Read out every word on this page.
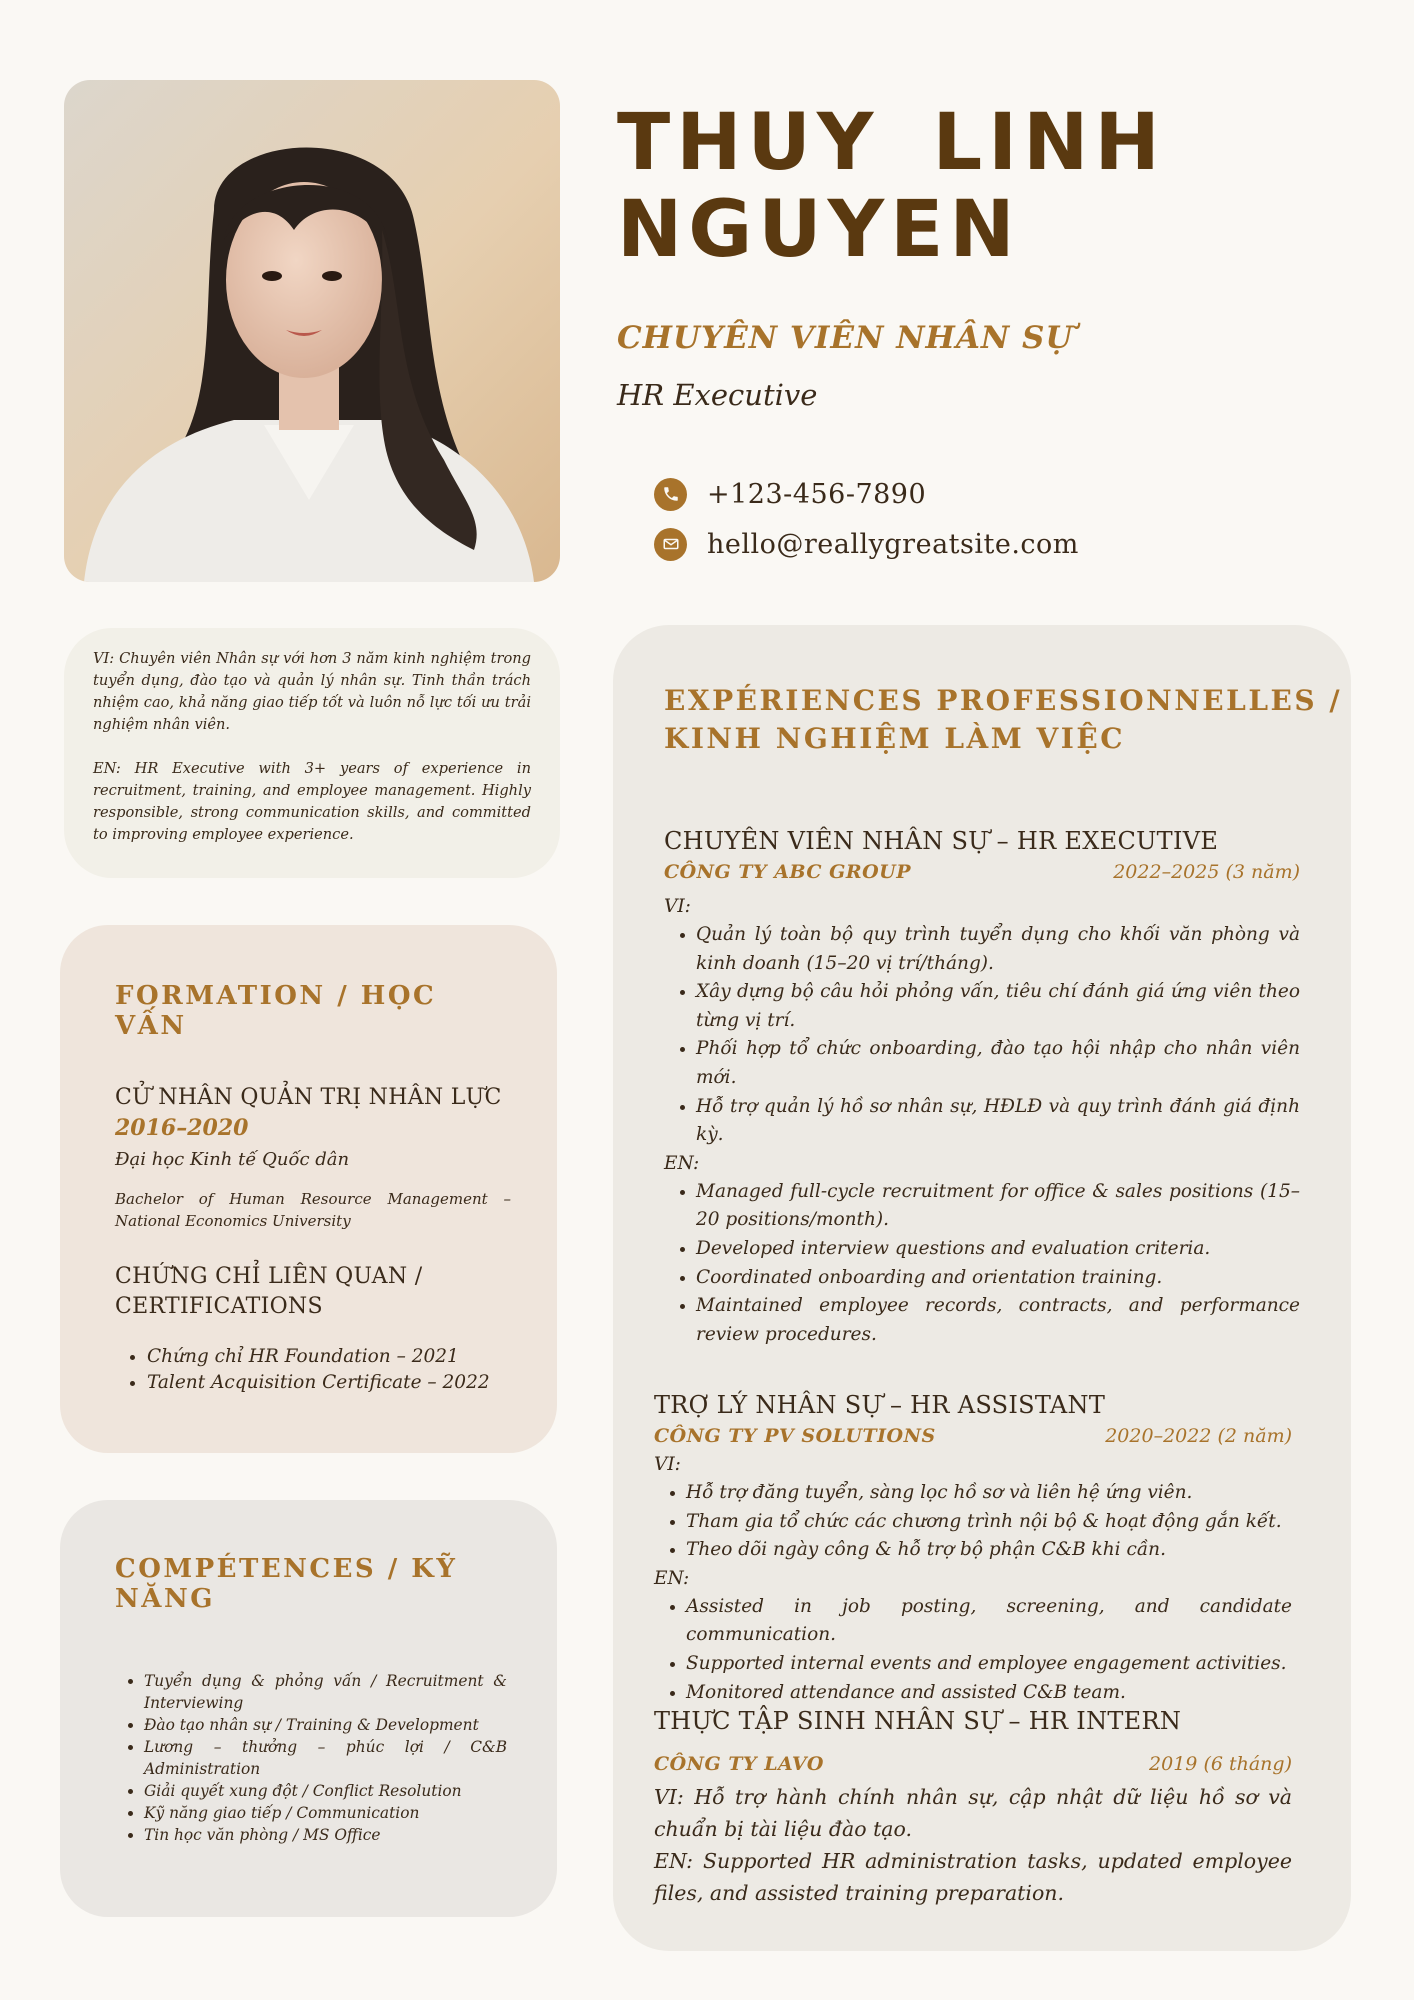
THUY LINH
NGUYEN
CHUYÊN VIÊN NHÂN SỰ
HR Executive
+123-456-7890
hello@reallygreatsite.com

VI: Chuyên viên Nhân sự với hơn 3 năm kinh nghiệm trong tuyển dụng, đào tạo và quản lý nhân sự. Tinh thần trách nhiệm cao, khả năng giao tiếp tốt và luôn nỗ lực tối ưu trải nghiệm nhân viên.

EN: HR Executive with 3+ years of experience in recruitment, training, and employee management. Highly responsible, strong communication skills, and committed to improving employee experience.

FORMATION / HỌC VẤN
CỬ NHÂN QUẢN TRỊ NHÂN LỰC
2016–2020
Đại học Kinh tế Quốc dân
Bachelor of Human Resource Management – National Economics University
CHỨNG CHỈ LIÊN QUAN / CERTIFICATIONS
• Chứng chỉ HR Foundation – 2021
• Talent Acquisition Certificate – 2022
COMPÉTENCES / KỸ NĂNG
• Tuyển dụng & phỏng vấn / Recruitment & Interviewing
• Đào tạo nhân sự / Training & Development
• Lương – thưởng – phúc lợi / C&B Administration
• Giải quyết xung đột / Conflict Resolution
• Kỹ năng giao tiếp / Communication
• Tin học văn phòng / MS Office
EXPÉRIENCES PROFESSIONNELLES /
KINH NGHIỆM LÀM VIỆC
CHUYÊN VIÊN NHÂN SỰ – HR EXECUTIVE
CÔNG TY ABC GROUP	2022–2025 (3 năm)
VI:
• Quản lý toàn bộ quy trình tuyển dụng cho khối văn phòng và kinh doanh (15–20 vị trí/tháng).
• Xây dựng bộ câu hỏi phỏng vấn, tiêu chí đánh giá ứng viên theo từng vị trí.
• Phối hợp tổ chức onboarding, đào tạo hội nhập cho nhân viên mới.
• Hỗ trợ quản lý hồ sơ nhân sự, HĐLĐ và quy trình đánh giá định kỳ.
EN:
• Managed full-cycle recruitment for office & sales positions (15–20 positions/month).
• Developed interview questions and evaluation criteria.
• Coordinated onboarding and orientation training.
• Maintained employee records, contracts, and performance review procedures.
TRỢ LÝ NHÂN SỰ – HR ASSISTANT
CÔNG TY PV SOLUTIONS	2020–2022 (2 năm)
VI:
• Hỗ trợ đăng tuyển, sàng lọc hồ sơ và liên hệ ứng viên.
• Tham gia tổ chức các chương trình nội bộ & hoạt động gắn kết.
• Theo dõi ngày công & hỗ trợ bộ phận C&B khi cần.
EN:
• Assisted in job posting, screening, and candidate communication.
• Supported internal events and employee engagement activities.
• Monitored attendance and assisted C&B team.
THỰC TẬP SINH NHÂN SỰ – HR INTERN
CÔNG TY LAVO	2019 (6 tháng)
VI: Hỗ trợ hành chính nhân sự, cập nhật dữ liệu hồ sơ và chuẩn bị tài liệu đào tạo.
EN: Supported HR administration tasks, updated employee files, and assisted training preparation.
